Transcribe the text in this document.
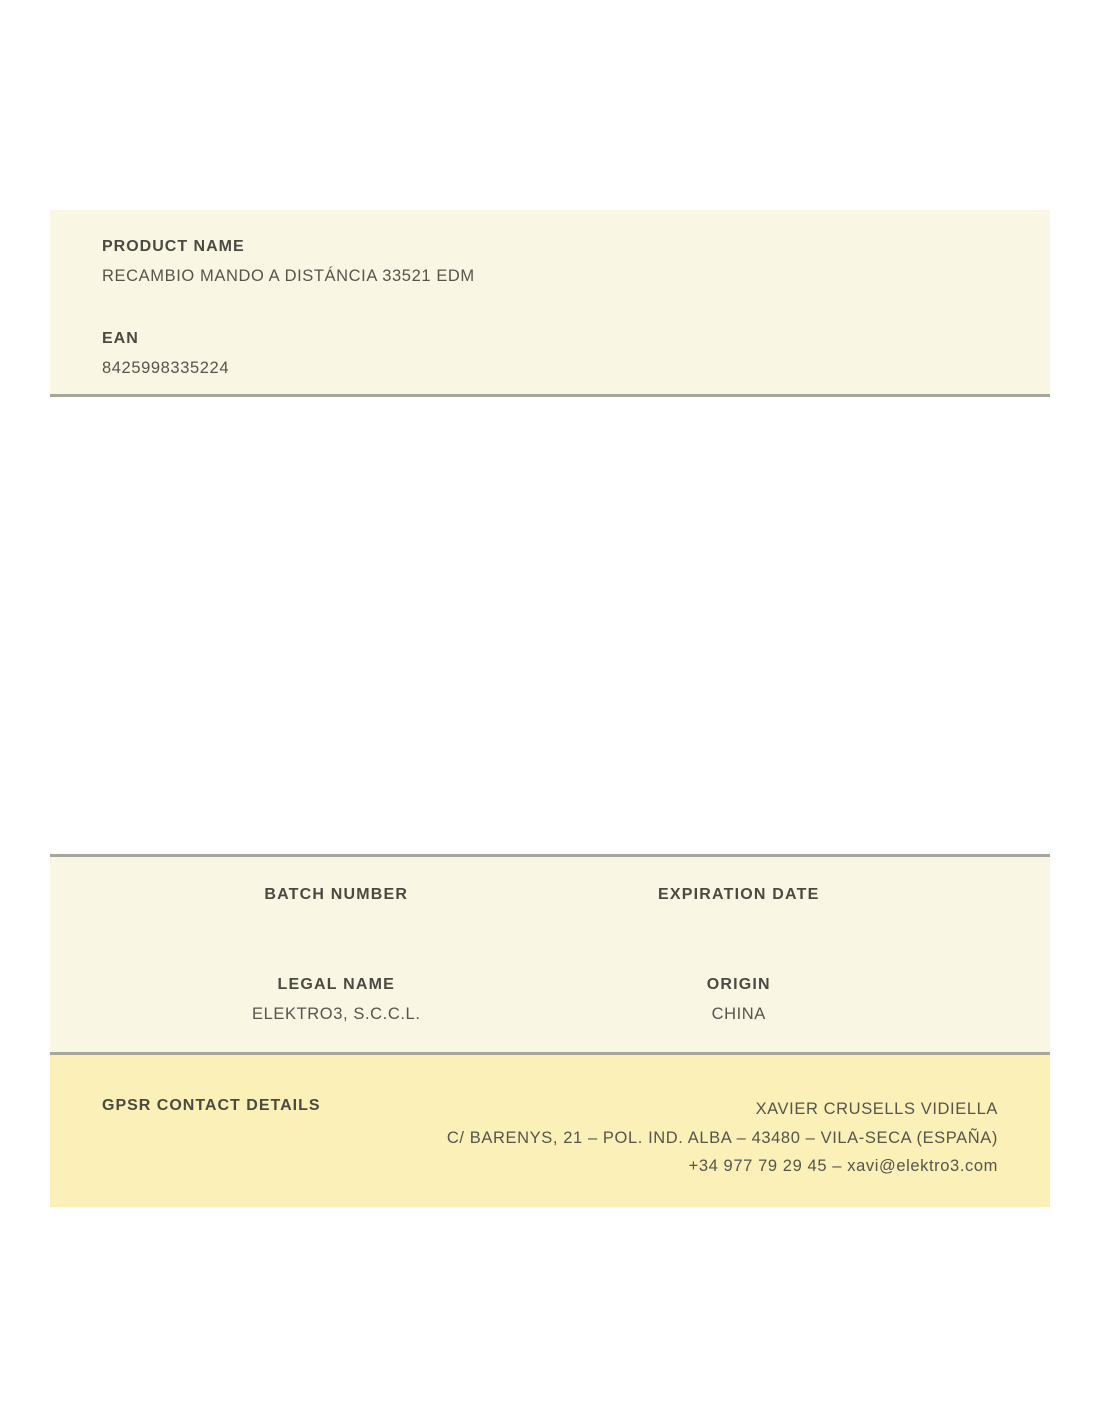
PRODUCT NAME
RECAMBIO MANDO A DISTÁNCIA 33521 EDM
EAN
8425998335224
BATCH NUMBER	EXPIRATION DATE
LEGAL NAME
ELEKTRO3, S.C.C.L.
ORIGIN
CHINA
GPSR CONTACT DETAILS	XAVIER CRUSELLS VIDIELLA
C/ BARENYS, 21 – POL. IND. ALBA – 43480 – VILA-SECA (ESPAÑA)
+34 977 79 29 45 – xavi@elektro3.com
